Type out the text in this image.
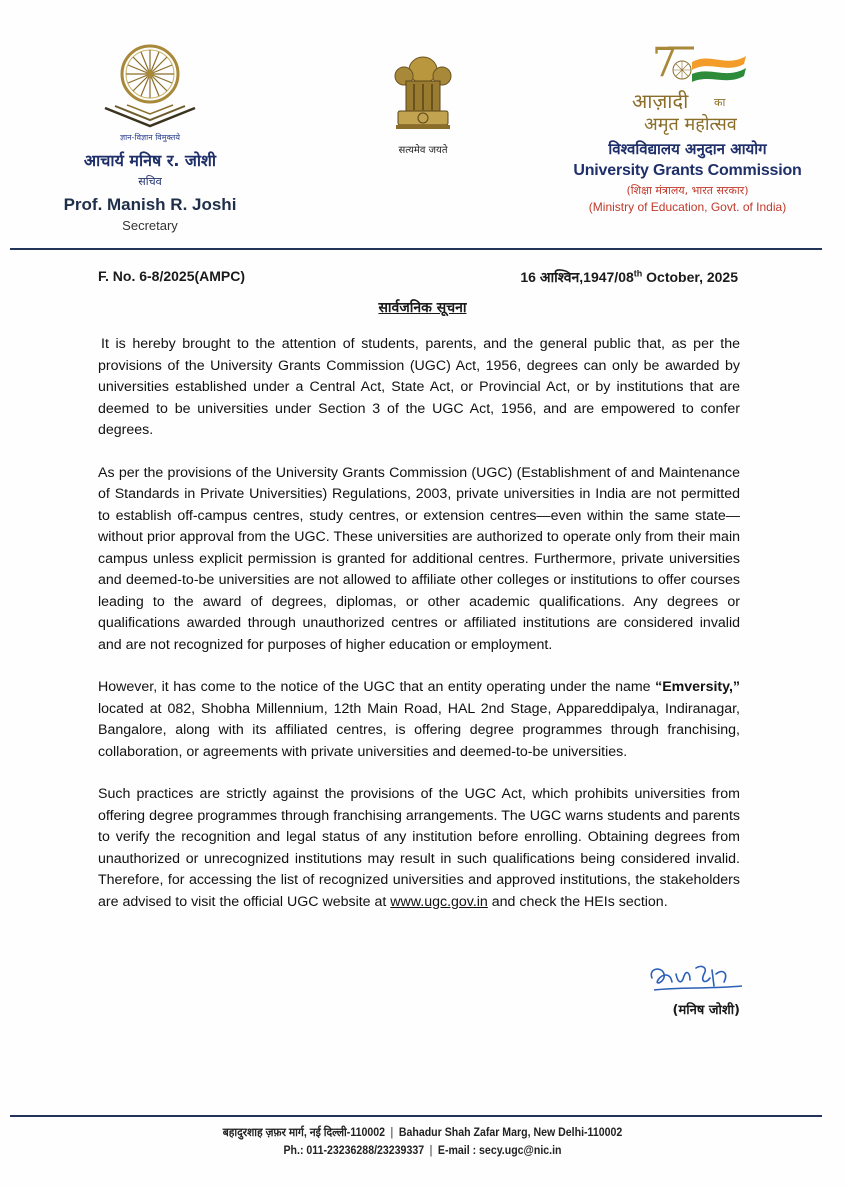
ज्ञान-विज्ञान विमुक्तये
आचार्य मनिष र. जोशी
सचिव
Prof. Manish R. Joshi
Secretary
सत्यमेव जयते
7
आज़ादी का
अमृत महोत्सव
विश्वविद्यालय अनुदान आयोग
University Grants Commission
(शिक्षा मंत्रालय, भारत सरकार)
(Ministry of Education, Govt. of India)
F. No. 6-8/2025(AMPC)	16 आश्विन,1947/08th October, 2025
सार्वजनिक सूचना

It is hereby brought to the attention of students, parents, and the general public that, as per the provisions of the University Grants Commission (UGC) Act, 1956, degrees can only be awarded by universities established under a Central Act, State Act, or Provincial Act, or by institutions that are deemed to be universities under Section 3 of the UGC Act, 1956, and are empowered to confer degrees.

As per the provisions of the University Grants Commission (UGC) (Establishment of and Maintenance of Standards in Private Universities) Regulations, 2003, private universities in India are not permitted to establish off-campus centres, study centres, or extension centres—even within the same state—without prior approval from the UGC. These universities are authorized to operate only from their main campus unless explicit permission is granted for additional centres. Furthermore, private universities and deemed-to-be universities are not allowed to affiliate other colleges or institutions to offer courses leading to the award of degrees, diplomas, or other academic qualifications. Any degrees or qualifications awarded through unauthorized centres or affiliated institutions are considered invalid and are not recognized for purposes of higher education or employment.

However, it has come to the notice of the UGC that an entity operating under the name “Emversity,” located at 082, Shobha Millennium, 12th Main Road, HAL 2nd Stage, Appareddipalya, Indiranagar, Bangalore, along with its affiliated centres, is offering degree programmes through franchising, collaboration, or agreements with private universities and deemed-to-be universities.

Such practices are strictly against the provisions of the UGC Act, which prohibits universities from offering degree programmes through franchising arrangements. The UGC warns students and parents to verify the recognition and legal status of any institution before enrolling. Obtaining degrees from unauthorized or unrecognized institutions may result in such qualifications being considered invalid. Therefore, for accessing the list of recognized universities and approved institutions, the stakeholders are advised to visit the official UGC website at www.ugc.gov.in and check the HEIs section.

(मनिष जोशी)
बहादुरशाह ज़फ़र मार्ग, नई दिल्ली-110002 | Bahadur Shah Zafar Marg, New Delhi-110002
Ph.: 011-23236288/23239337 | E-mail : secy.ugc@nic.in
